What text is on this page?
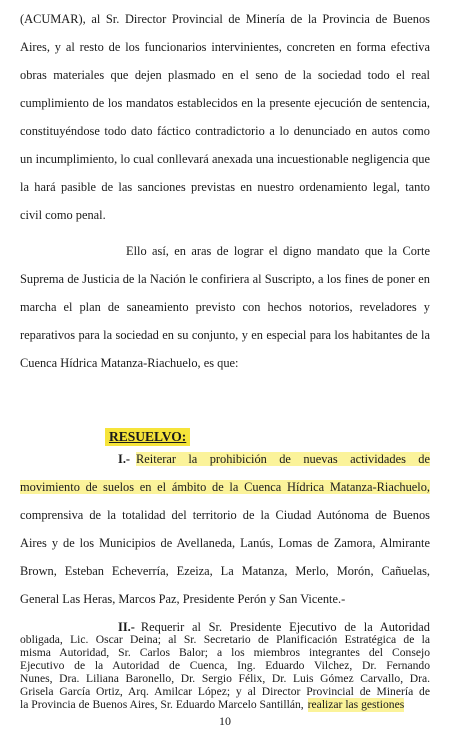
(ACUMAR), al Sr. Director Provincial de Minería de la Provincia de Buenos
Aires, y al resto de los funcionarios intervinientes, concreten en forma efectiva
obras materiales que dejen plasmado en el seno de la sociedad todo el real
cumplimiento de los mandatos establecidos en la presente ejecución de sentencia,
constituyéndose todo dato fáctico contradictorio a lo denunciado en autos como
un incumplimiento, lo cual conllevará anexada una incuestionable negligencia que
la hará pasible de las sanciones previstas en nuestro ordenamiento legal, tanto
civil como penal.
Ello así, en aras de lograr el digno mandato que la Corte
Suprema de Justicia de la Nación le confiriera al Suscripto, a los fines de poner en
marcha el plan de saneamiento previsto con hechos notorios, reveladores y
reparativos para la sociedad en su conjunto, y en especial para los habitantes de la
Cuenca Hídrica Matanza-Riachuelo, es que:
RESUELVO:
I.- Reiterar la prohibición de nuevas actividades de
movimiento de suelos en el ámbito de la Cuenca Hídrica Matanza-Riachuelo,
comprensiva de la totalidad del territorio de la Ciudad Autónoma de Buenos
Aires y de los Municipios de Avellaneda, Lanús, Lomas de Zamora, Almirante
Brown, Esteban Echeverría, Ezeiza, La Matanza, Merlo, Morón, Cañuelas,
General Las Heras, Marcos Paz, Presidente Perón y San Vicente.-
II.- Requerir al Sr. Presidente Ejecutivo de la Autoridad
obligada, Lic. Oscar Deina; al Sr. Secretario de Planificación Estratégica de la
misma Autoridad, Sr. Carlos Balor; a los miembros integrantes del Consejo
Ejecutivo de la Autoridad de Cuenca, Ing. Eduardo Vilchez, Dr. Fernando
Nunes, Dra. Liliana Baronello, Dr. Sergio Félix, Dr. Luis Gómez Carvallo, Dra.
Grisela García Ortiz, Arq. Amilcar López; y al Director Provincial de Minería de
la Provincia de Buenos Aires, Sr. Eduardo Marcelo Santillán, realizar las gestiones
10
